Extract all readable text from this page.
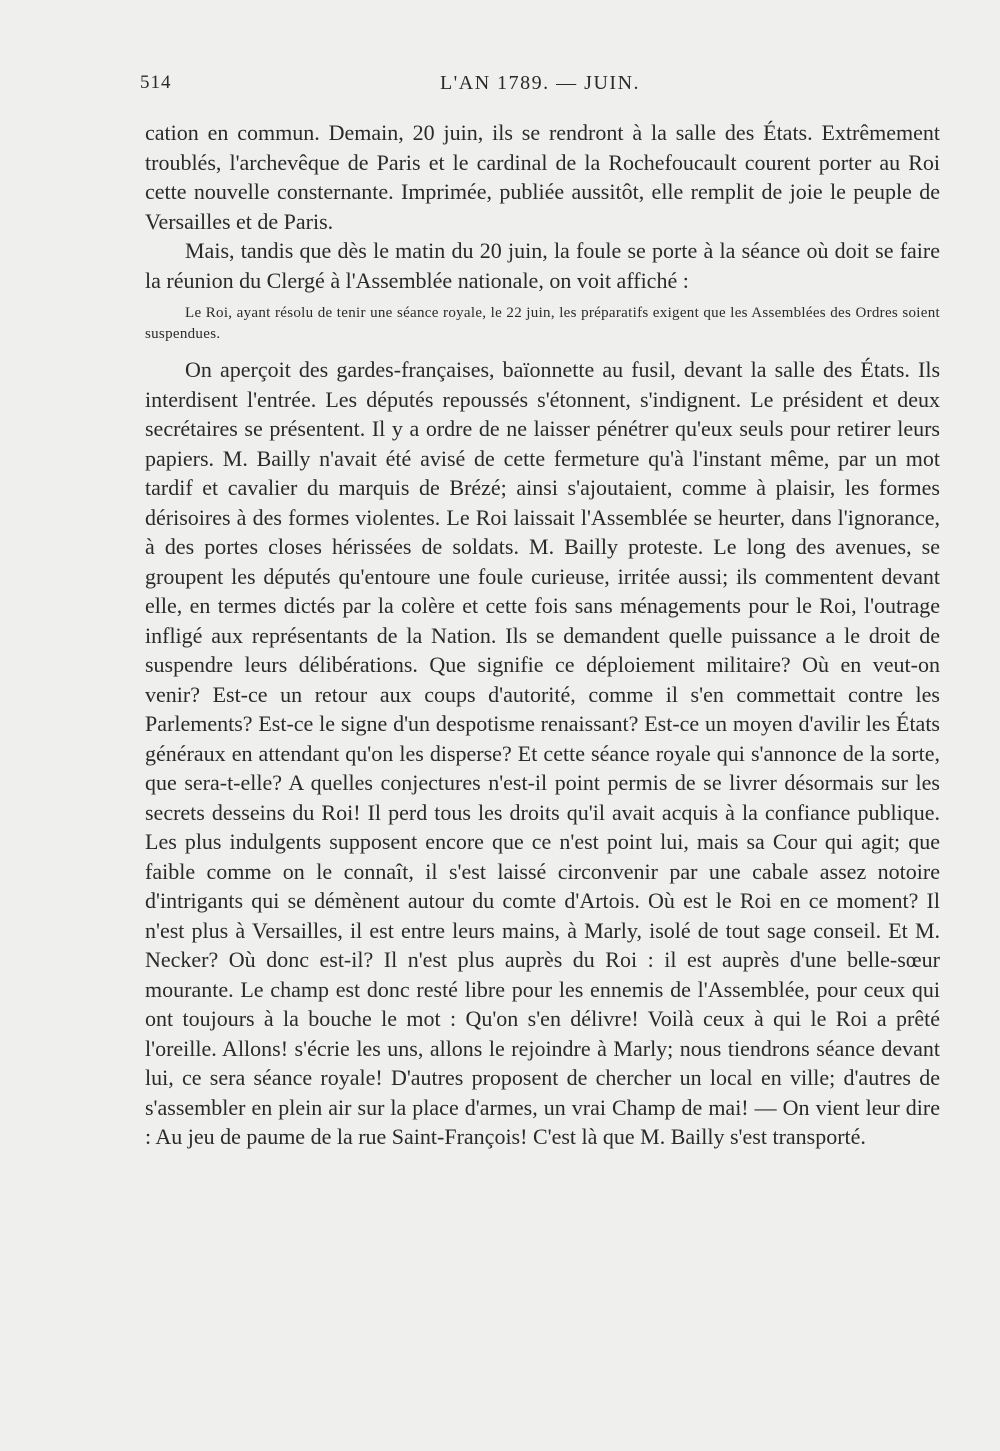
514	L'AN 1789. — JUIN.

cation en commun. Demain, 20 juin, ils se rendront à la salle des États. Extrêmement troublés, l'archevêque de Paris et le cardinal de la Rochefoucault courent porter au Roi cette nouvelle consternante. Imprimée, publiée aussitôt, elle remplit de joie le peuple de Versailles et de Paris.

Mais, tandis que dès le matin du 20 juin, la foule se porte à la séance où doit se faire la réunion du Clergé à l'Assemblée nationale, on voit affiché :

Le Roi, ayant résolu de tenir une séance royale, le 22 juin, les préparatifs exigent que les Assemblées des Ordres soient suspendues.

On aperçoit des gardes-françaises, baïonnette au fusil, devant la salle des États. Ils interdisent l'entrée. Les députés repoussés s'étonnent, s'indignent. Le président et deux secrétaires se présentent. Il y a ordre de ne laisser pénétrer qu'eux seuls pour retirer leurs papiers. M. Bailly n'avait été avisé de cette fermeture qu'à l'instant même, par un mot tardif et cavalier du marquis de Brézé; ainsi s'ajoutaient, comme à plaisir, les formes dérisoires à des formes violentes. Le Roi laissait l'Assemblée se heurter, dans l'ignorance, à des portes closes hérissées de soldats. M. Bailly proteste. Le long des avenues, se groupent les députés qu'entoure une foule curieuse, irritée aussi; ils commentent devant elle, en termes dictés par la colère et cette fois sans ménagements pour le Roi, l'outrage infligé aux représentants de la Nation. Ils se demandent quelle puissance a le droit de suspendre leurs délibérations. Que signifie ce déploiement militaire? Où en veut-on venir? Est-ce un retour aux coups d'autorité, comme il s'en commettait contre les Parlements? Est-ce le signe d'un despotisme renaissant? Est-ce un moyen d'avilir les États généraux en attendant qu'on les disperse? Et cette séance royale qui s'annonce de la sorte, que sera-t-elle? A quelles conjectures n'est-il point permis de se livrer désormais sur les secrets desseins du Roi! Il perd tous les droits qu'il avait acquis à la confiance publique. Les plus indulgents supposent encore que ce n'est point lui, mais sa Cour qui agit; que faible comme on le connaît, il s'est laissé circonvenir par une cabale assez notoire d'intrigants qui se démènent autour du comte d'Artois. Où est le Roi en ce moment? Il n'est plus à Versailles, il est entre leurs mains, à Marly, isolé de tout sage conseil. Et M. Necker? Où donc est-il? Il n'est plus auprès du Roi : il est auprès d'une belle-sœur mourante. Le champ est donc resté libre pour les ennemis de l'Assemblée, pour ceux qui ont toujours à la bouche le mot : Qu'on s'en délivre! Voilà ceux à qui le Roi a prêté l'oreille. Allons! s'écrie les uns, allons le rejoindre à Marly; nous tiendrons séance devant lui, ce sera séance royale! D'autres proposent de chercher un local en ville; d'autres de s'assembler en plein air sur la place d'armes, un vrai Champ de mai! — On vient leur dire : Au jeu de paume de la rue Saint-François! C'est là que M. Bailly s'est transporté.
